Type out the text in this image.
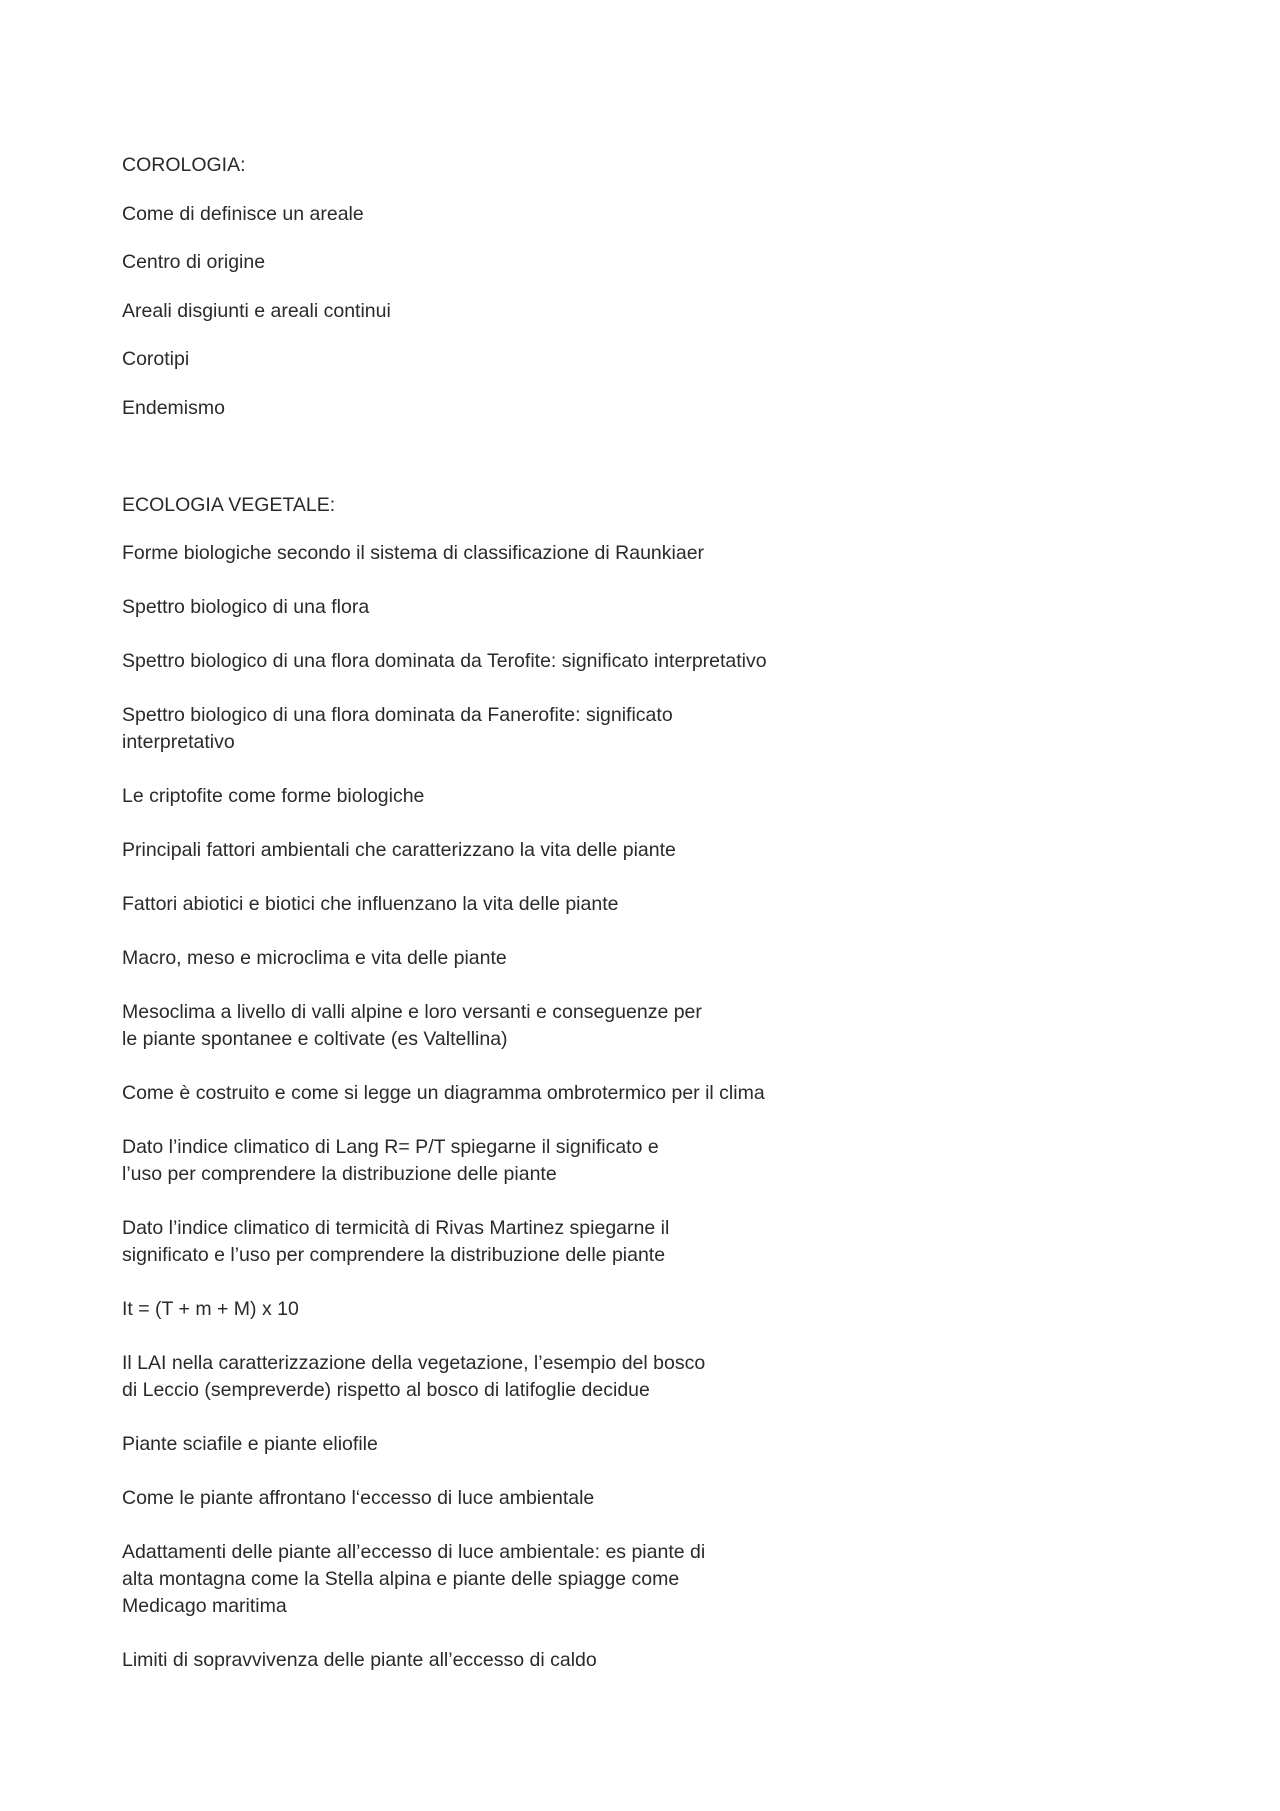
COROLOGIA:

Come di definisce un areale

Centro di origine

Areali disgiunti e areali continui

Corotipi

Endemismo

ECOLOGIA VEGETALE:

Forme biologiche secondo il sistema di classificazione di Raunkiaer

Spettro biologico di una flora

Spettro biologico di una flora dominata da Terofite: significato interpretativo

Spettro biologico di una flora dominata da Fanerofite: significato
interpretativo

Le criptofite come forme biologiche

Principali fattori ambientali che caratterizzano la vita delle piante

Fattori abiotici e biotici che influenzano la vita delle piante

Macro, meso e microclima e vita delle piante

Mesoclima a livello di valli alpine e loro versanti e conseguenze per
le piante spontanee e coltivate (es Valtellina)

Come è costruito e come si legge un diagramma ombrotermico per il clima

Dato l’indice climatico di Lang R= P/T spiegarne il significato e
l’uso per comprendere la distribuzione delle piante

Dato l’indice climatico di termicità di Rivas Martinez spiegarne il
significato e l’uso per comprendere la distribuzione delle piante

It = (T + m + M) x 10

Il LAI nella caratterizzazione della vegetazione, l’esempio del bosco
di Leccio (sempreverde) rispetto al bosco di latifoglie decidue

Piante sciafile e piante eliofile

Come le piante affrontano l‘eccesso di luce ambientale

Adattamenti delle piante all’eccesso di luce ambientale: es piante di
alta montagna come la Stella alpina e piante delle spiagge come
Medicago maritima

Limiti di sopravvivenza delle piante all’eccesso di caldo
